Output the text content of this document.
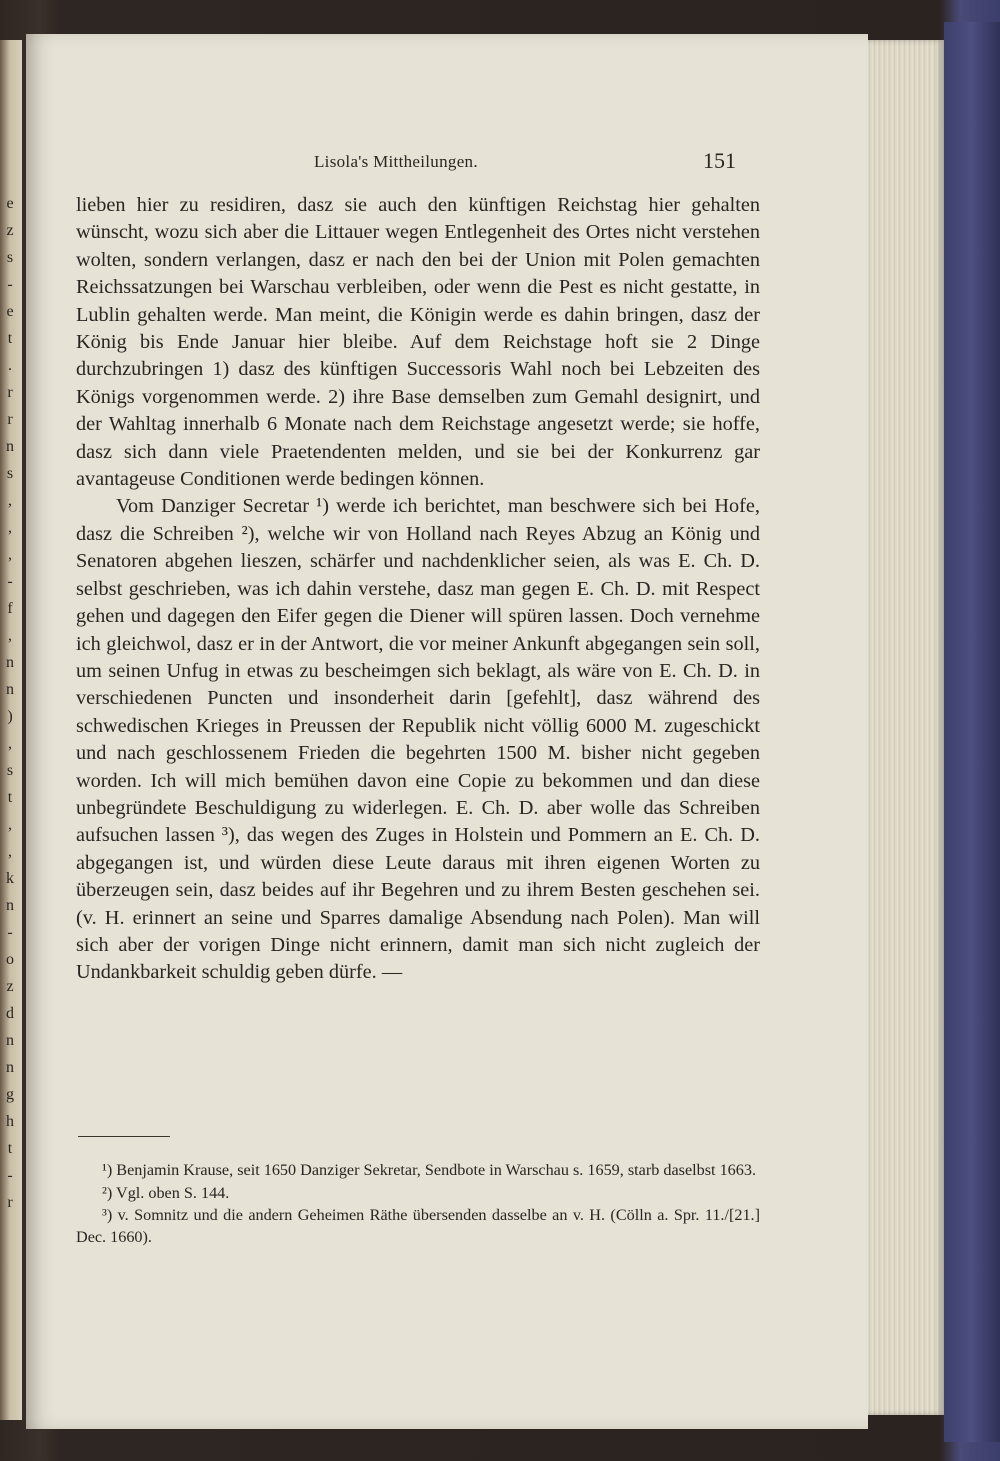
e
z
s
-
e
t
.
r
r
n
s
,
,
,
-
f
,
n
n
)
,
s
t
,
,
k
n
-
o
z
d
n
n
g
h
t
-
r
Lisola's Mittheilungen.	151

lieben hier zu residiren, dasz sie auch den künftigen Reichstag hier gehalten wünscht, wozu sich aber die Littauer wegen Entlegenheit des Ortes nicht verstehen wolten, sondern verlangen, dasz er nach den bei der Union mit Polen gemachten Reichssatzungen bei Warschau verbleiben, oder wenn die Pest es nicht gestatte, in Lublin gehalten werde. Man meint, die Königin werde es dahin bringen, dasz der König bis Ende Januar hier bleibe. Auf dem Reichstage hoft sie 2 Dinge durchzubringen 1) dasz des künftigen Successoris Wahl noch bei Lebzeiten des Königs vorgenommen werde. 2) ihre Base demselben zum Gemahl designirt, und der Wahltag innerhalb 6 Monate nach dem Reichstage angesetzt werde; sie hoffe, dasz sich dann viele Praetendenten melden, und sie bei der Konkurrenz gar avantageuse Conditionen werde bedingen können.

Vom Danziger Secretar ¹) werde ich berichtet, man beschwere sich bei Hofe, dasz die Schreiben ²), welche wir von Holland nach Reyes Abzug an König und Senatoren abgehen lieszen, schärfer und nachdenklicher seien, als was E. Ch. D. selbst geschrieben, was ich dahin verstehe, dasz man gegen E. Ch. D. mit Respect gehen und dagegen den Eifer gegen die Diener will spüren lassen. Doch vernehme ich gleichwol, dasz er in der Antwort, die vor meiner Ankunft abgegangen sein soll, um seinen Unfug in etwas zu bescheimgen sich beklagt, als wäre von E. Ch. D. in verschiedenen Puncten und insonderheit darin [gefehlt], dasz während des schwedischen Krieges in Preussen der Republik nicht völlig 6000 M. zugeschickt und nach geschlossenem Frieden die begehrten 1500 M. bisher nicht gegeben worden. Ich will mich bemühen davon eine Copie zu bekommen und dan diese unbegründete Beschuldigung zu widerlegen. E. Ch. D. aber wolle das Schreiben aufsuchen lassen ³), das wegen des Zuges in Holstein und Pommern an E. Ch. D. abgegangen ist, und würden diese Leute daraus mit ihren eigenen Worten zu überzeugen sein, dasz beides auf ihr Begehren und zu ihrem Besten geschehen sei. (v. H. erinnert an seine und Sparres damalige Absendung nach Polen). Man will sich aber der vorigen Dinge nicht erinnern, damit man sich nicht zugleich der Undankbarkeit schuldig geben dürfe. —

¹) Benjamin Krause, seit 1650 Danziger Sekretar, Sendbote in Warschau s. 1659, starb daselbst 1663.

²) Vgl. oben S. 144.

³) v. Somnitz und die andern Geheimen Räthe übersenden dasselbe an v. H. (Cölln a. Spr. 11./[21.] Dec. 1660).
